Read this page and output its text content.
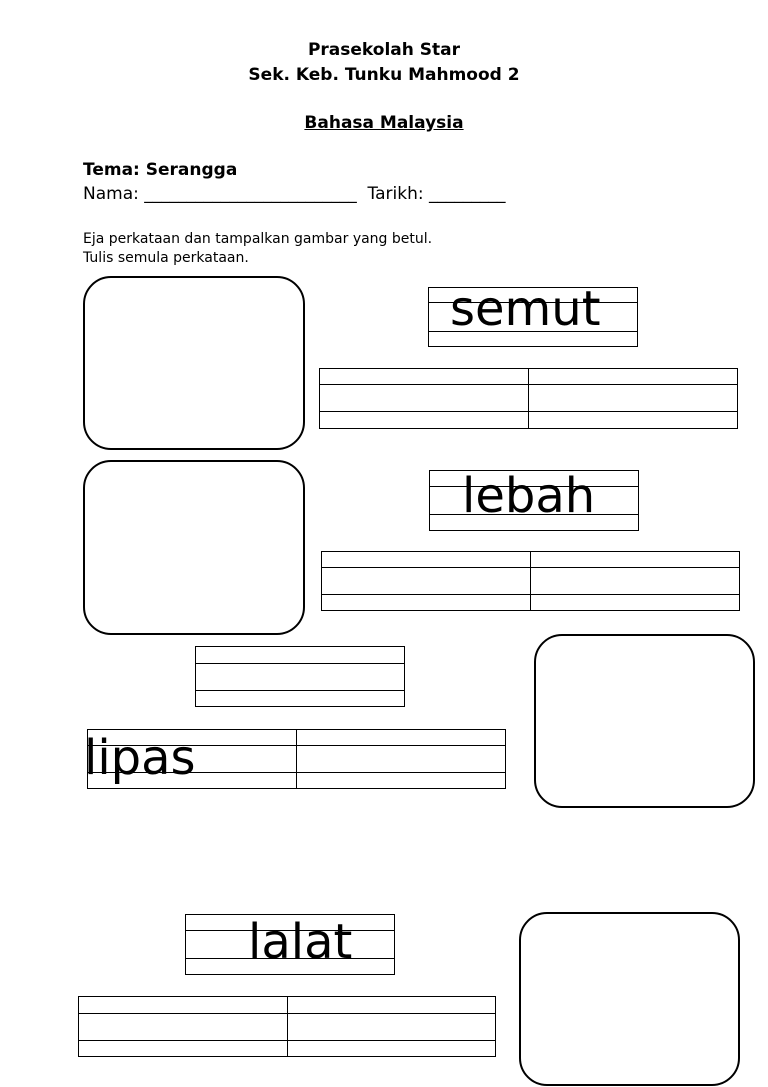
Prasekolah Star
Sek. Keb. Tunku Mahmood 2
Bahasa Malaysia
Tema: Serangga
Nama: _________________________  Tarikh: _________
Eja perkataan dan tampalkan gambar yang betul.
Tulis semula perkataan.
semut
lebah
lipas
lalat
